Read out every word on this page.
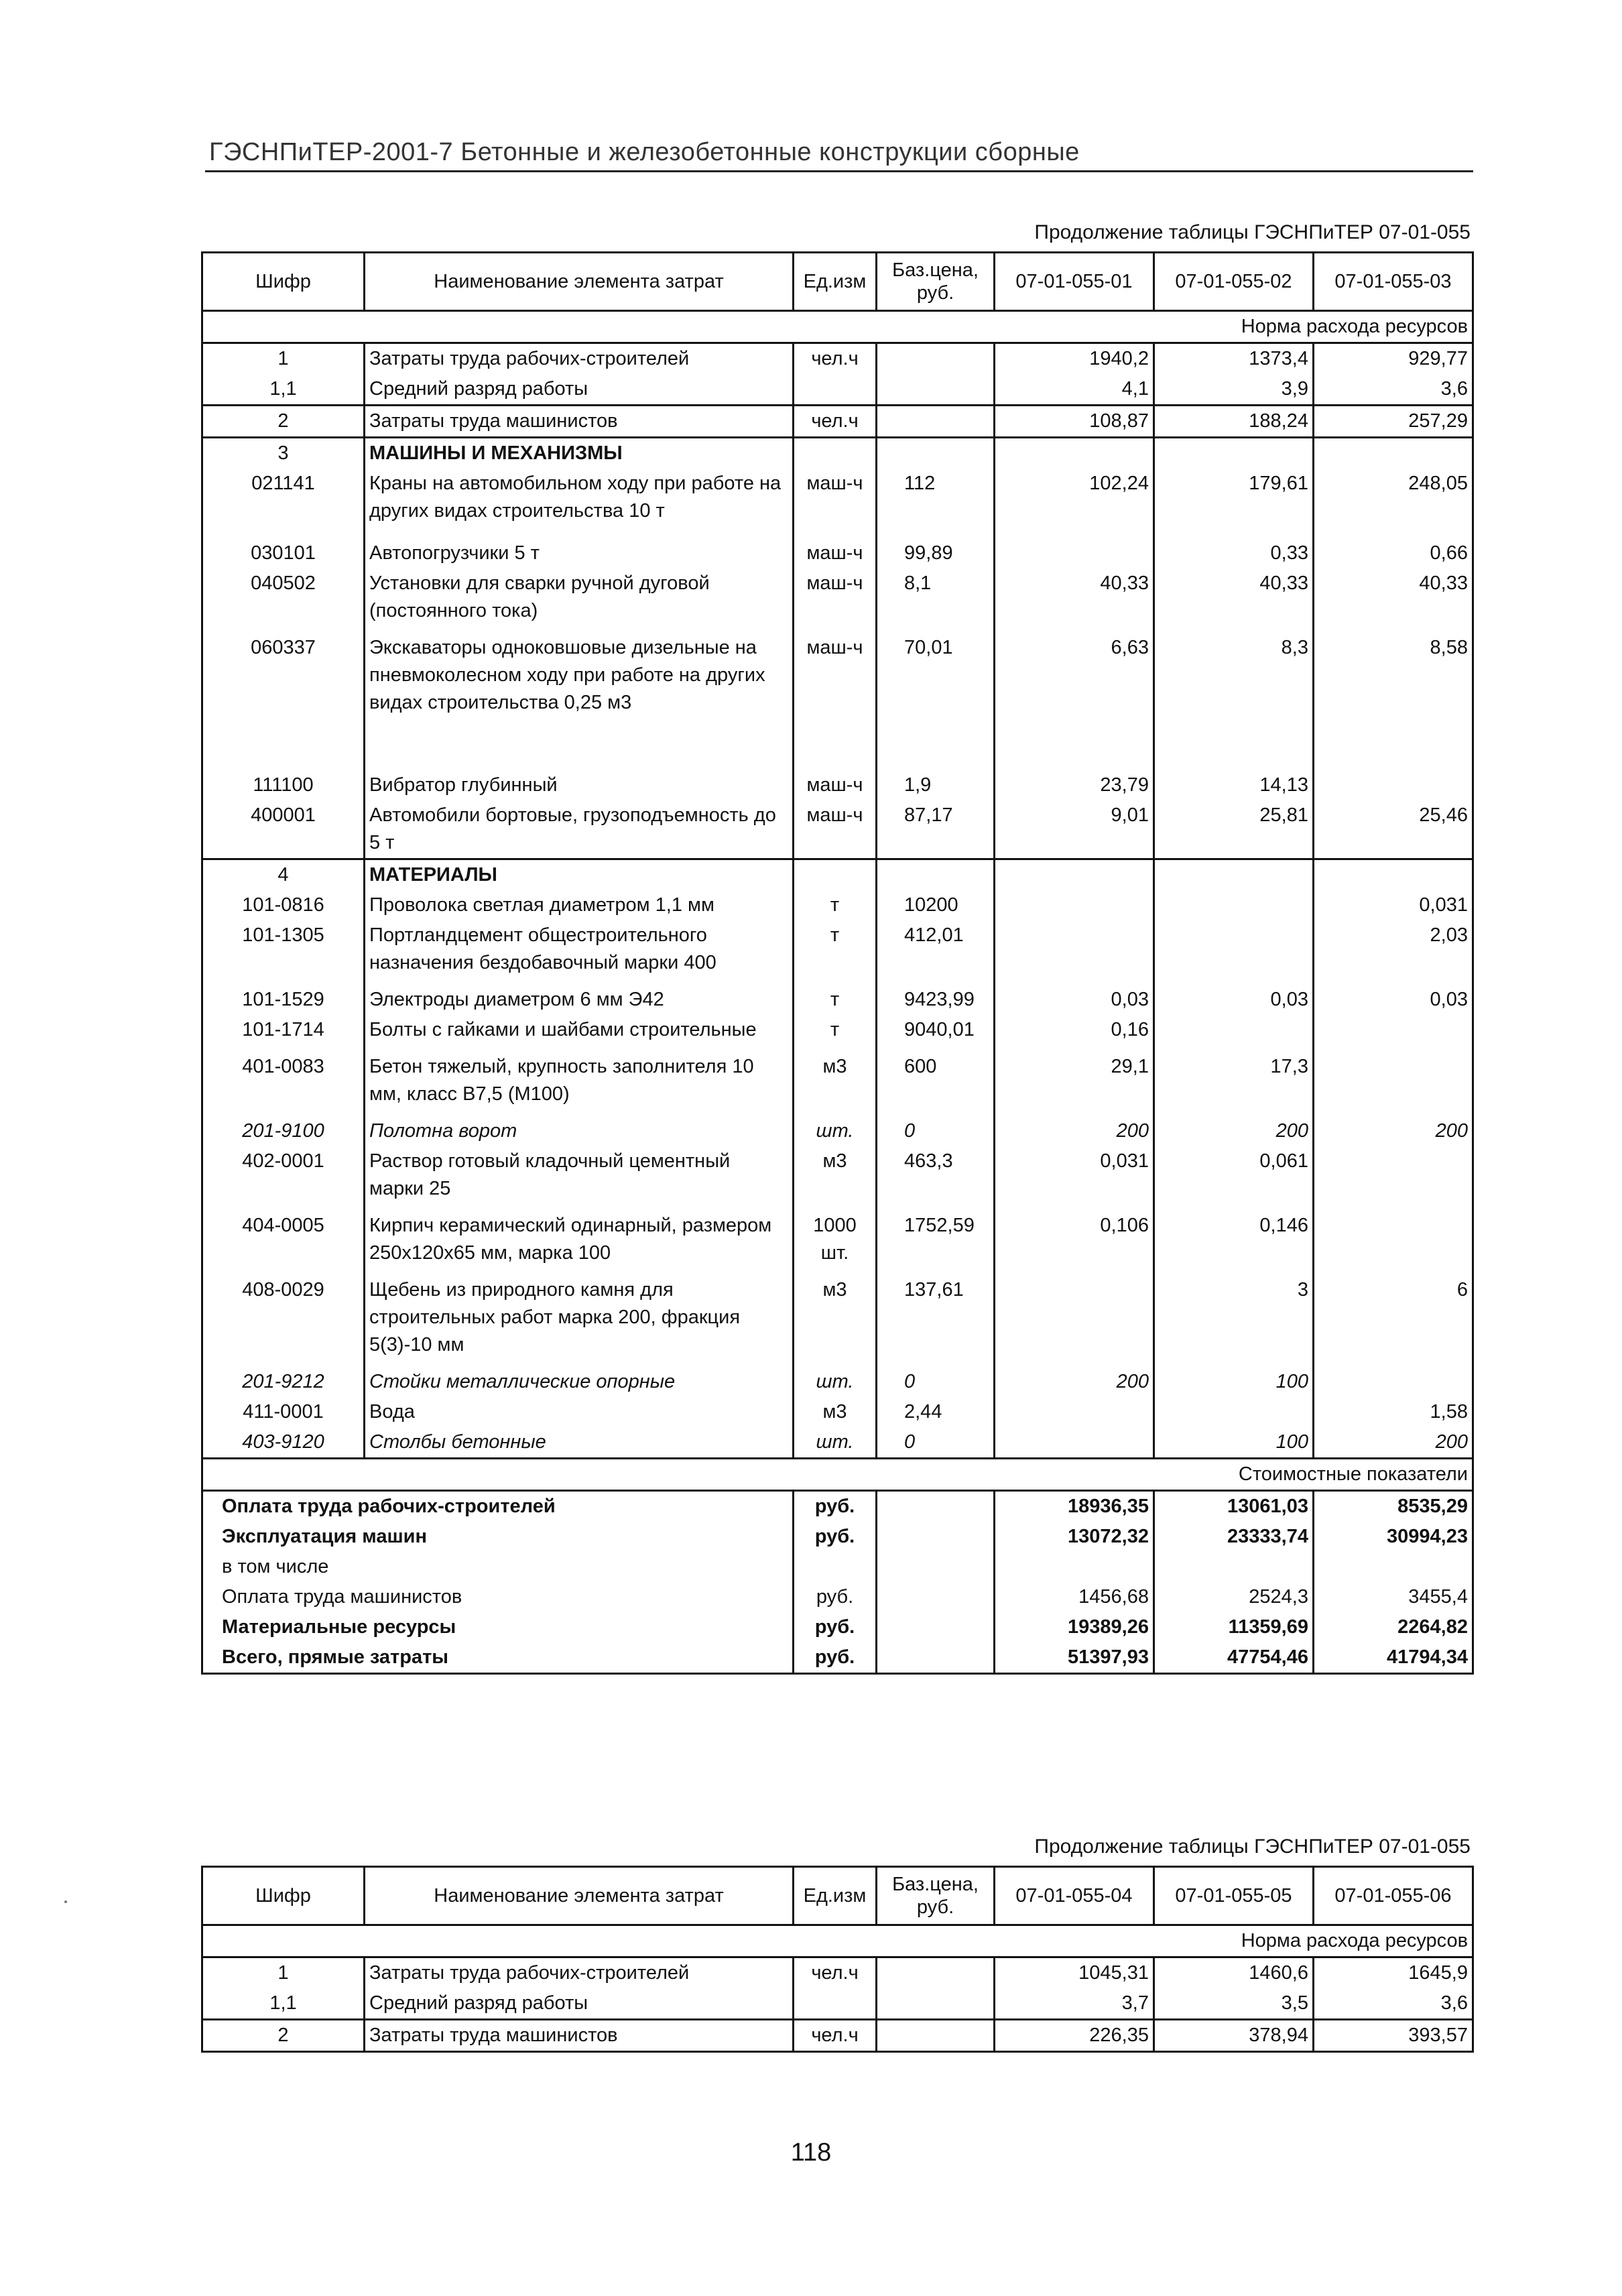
ГЭСНПиТЕР-2001-7 Бетонные и железобетонные конструкции сборные
Продолжение таблицы ГЭСНПиТЕР 07-01-055
Шифр	Наименование элемента затрат	Ед.изм	Баз.цена, руб.	07-01-055-01	07-01-055-02	07-01-055-03
Норма расхода ресурсов						
1	Затраты труда рабочих-строителей	чел.ч		1940,2	1373,4	929,77
1,1	Средний разряд работы			4,1	3,9	3,6
2	Затраты труда машинистов	чел.ч		108,87	188,24	257,29
3	МАШИНЫ И МЕХАНИЗМЫ					
021141	Краны на автомобильном ходу при работе на других видах строительства 10 т	маш-ч	112	102,24	179,61	248,05
030101	Автопогрузчики 5 т	маш-ч	99,89		0,33	0,66
040502	Установки для сварки ручной дуговой (постоянного тока)	маш-ч	8,1	40,33	40,33	40,33
060337	Экскаваторы одноковшовые дизельные на пневмоколесном ходу при работе на других видах строительства 0,25 м3	маш-ч	70,01	6,63	8,3	8,58
111100	Вибратор глубинный	маш-ч	1,9	23,79	14,13	
400001	Автомобили бортовые, грузоподъемность до 5 т	маш-ч	87,17	9,01	25,81	25,46
4	МАТЕРИАЛЫ					
101-0816	Проволока светлая диаметром 1,1 мм	т	10200			0,031
101-1305	Портландцемент общестроительного назначения бездобавочный марки 400	т	412,01			2,03
101-1529	Электроды диаметром 6 мм Э42	т	9423,99	0,03	0,03	0,03
101-1714	Болты с гайками и шайбами строительные	т	9040,01	0,16		
401-0083	Бетон тяжелый, крупность заполнителя 10 мм, класс В7,5 (М100)	м3	600	29,1	17,3	
201-9100	Полотна ворот	шт.	0	200	200	200
402-0001	Раствор готовый кладочный цементный марки 25	м3	463,3	0,031	0,061	
404-0005	Кирпич керамический одинарный, размером 250х120х65 мм, марка 100	1000 шт.	1752,59	0,106	0,146	
408-0029	Щебень из природного камня для строительных работ марка 200, фракция 5(3)-10 мм	м3	137,61		3	6
201-9212	Стойки металлические опорные	шт.	0	200	100	
411-0001	Вода	м3	2,44			1,58
403-9120	Столбы бетонные	шт.	0		100	200
Стоимостные показатели						
Оплата труда рабочих-строителей		руб.		18936,35	13061,03	8535,29
Эксплуатация машин		руб.		13072,32	23333,74	30994,23
в том числе						
Оплата труда машинистов		руб.		1456,68	2524,3	3455,4
Материальные ресурсы		руб.		19389,26	11359,69	2264,82
Всего, прямые затраты		руб.		51397,93	47754,46	41794,34
Продолжение таблицы ГЭСНПиТЕР 07-01-055
Шифр	Наименование элемента затрат	Ед.изм	Баз.цена, руб.	07-01-055-04	07-01-055-05	07-01-055-06
Норма расхода ресурсов						
1	Затраты труда рабочих-строителей	чел.ч		1045,31	1460,6	1645,9
1,1	Средний разряд работы			3,7	3,5	3,6
2	Затраты труда машинистов	чел.ч		226,35	378,94	393,57
118
